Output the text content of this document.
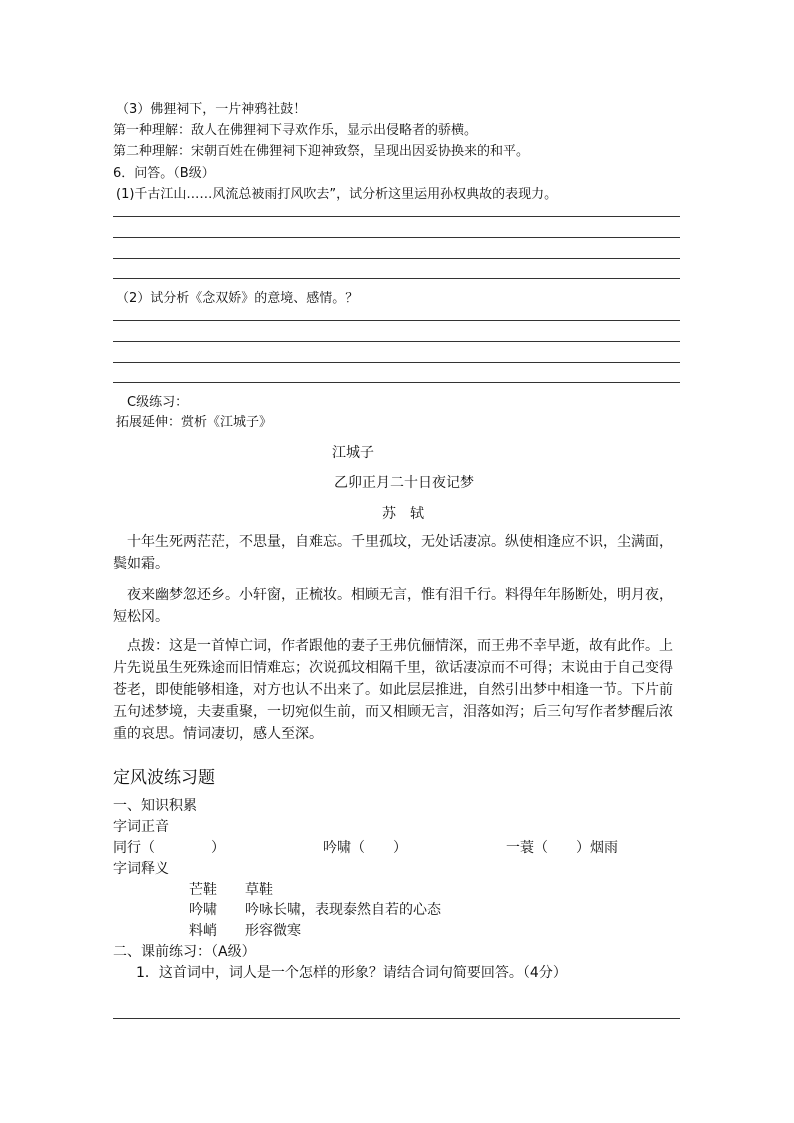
（3）佛狸祠下，一片神鸦社鼓！
第一种理解：敌人在佛狸祠下寻欢作乐，显示出侵略者的骄横。
第二种理解：宋朝百姓在佛狸祠下迎神致祭，呈现出因妥协换来的和平。
6．问答。（B级）
(1)千古江山……风流总被雨打风吹去”，试分析这里运用孙权典故的表现力。
（2）试分析《念双娇》的意境、感情。？
C级练习：
拓展延伸：赏析《江城子》
江城子
乙卯正月二十日夜记梦
苏　轼
十年生死两茫茫，不思量，自难忘。千里孤坟，无处话凄凉。纵使相逢应不识，尘满面，鬓如霜。
夜来幽梦忽还乡。小轩窗，正梳妆。相顾无言，惟有泪千行。料得年年肠断处，明月夜，短松冈。
点拨：这是一首悼亡词，作者跟他的妻子王弗伉俪情深，而王弗不幸早逝，故有此作。上片先说虽生死殊途而旧情难忘；次说孤坟相隔千里，欲话凄凉而不可得；末说由于自己变得苍老，即使能够相逢，对方也认不出来了。如此层层推进，自然引出梦中相逢一节。下片前五句述梦境，夫妻重聚，一切宛似生前，而又相顾无言，泪落如泻；后三句写作者梦醒后浓重的哀思。情词凄切，感人至深。
定风波练习题
一、知识积累
字词正音
同行（　　　　）	吟啸（　　）	一蓑（　　）烟雨
字词释义
芒鞋 草鞋
吟啸 吟咏长啸，表现泰然自若的心态
料峭 形容微寒
二、课前练习：（A级）
1．这首词中，词人是一个怎样的形象？请结合词句简要回答。（4分）
